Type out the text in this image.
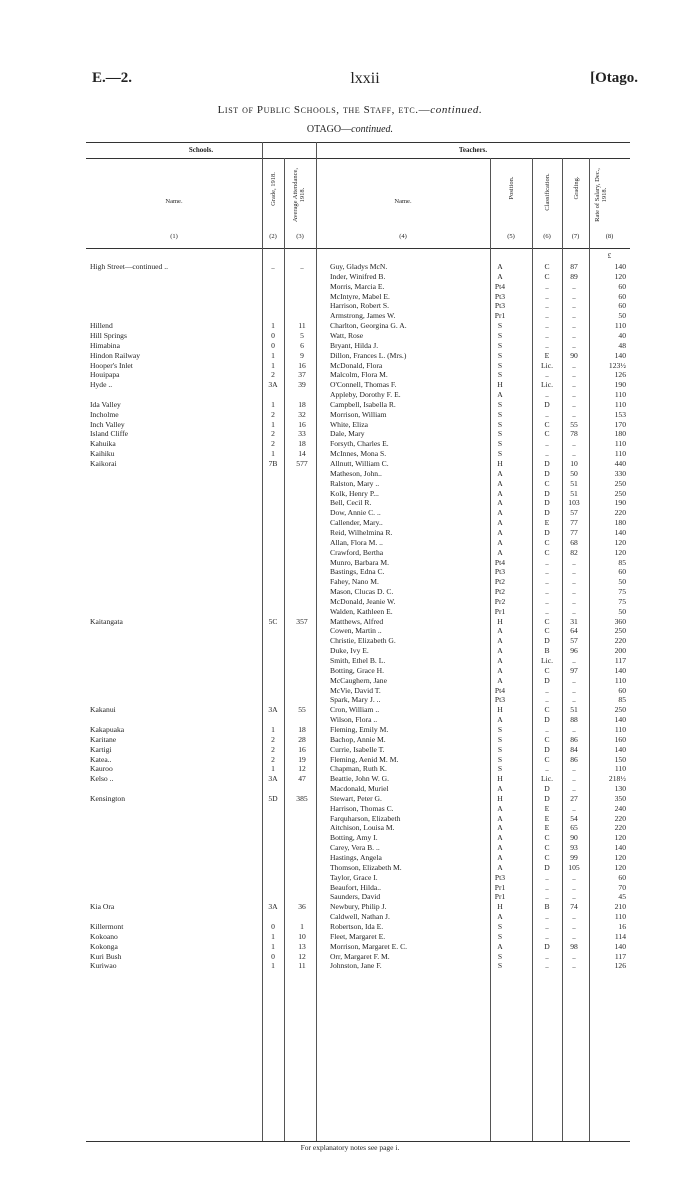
E.—2.	lxxii	[Otago.
List of Public Schools, the Staff, etc.—continued.
OTAGO—continued.
Schools.	Teachers.
Name.	Grade, 1918. Average Attendance, 1918.	Name.
Position.	Classification.	Grading. Rate of Salary, Dec., 1918.
(1)	(2)	(3)	(4)	(5)	(6)	(7)	(8)
£
High Street—continued ..	..	..	Guy, Gladys McN.	A	C	87	140
Inder, Winifred B.	A	C	89	120
Morris, Marcia E.	Pt4	..	..	60
McIntyre, Mabel E.	Pt3	..	..	60
Harrison, Robert S.	Pt3	..	..	60
Armstrong, James W.	Pr1	..	..	50
Hillend	1	11	Charlton, Georgina G. A.	S	..	..	110
Hill Springs	0	5	Watt, Rose	S	..	..	40
Himabina	0	6	Bryant, Hilda J.	S	..	..	48
Hindon Railway	1	9	Dillon, Frances L. (Mrs.)	S	E	90	140
Hooper's Inlet	1	16	McDonald, Flora	S	Lic.	..	123½
Houipapa	2	37	Malcolm, Flora M.	S	..	..	126
Hyde ..	3A	39	O'Connell, Thomas F.	H	Lic.	..	190
Appleby, Dorothy F. E.	A	..	..	110
Ida Valley	1	18	Campbell, Isabella R.	S	D	..	110
Incholme	2	32	Morrison, William	S	..	..	153
Inch Valley	1	16	White, Eliza	S	C	55	170
Island Cliffe	2	33	Dale, Mary	S	C	78	180
Kahuika	2	18	Forsyth, Charles E.	S	..	..	110
Kaihiku	1	14	McInnes, Mona S.	S	..	..	110
Kaikorai	7B	577	Allnutt, William C.	H	D	10	440
Matheson, John..	A	D	50	330
Ralston, Mary ..	A	C	51	250
Kolk, Henry P...	A	D	51	250
Bell, Cecil R.	A	D	103	190
Dow, Annie C. ..	A	D	57	220
Callender, Mary..	A	E	77	180
Reid, Wilhelmina R.	A	D	77	140
Allan, Flora M. ..	A	C	68	120
Crawford, Bertha	A	C	82	120
Munro, Barbara M.	Pt4	..	..	85
Bastings, Edna C.	Pt3	..	..	60
Fahey, Nano M.	Pt2	..	..	50
Mason, Clucas D. C.	Pt2	..	..	75
McDonald, Jeanie W.	Pr2	..	..	75
Walden, Kathleen E.	Pr1	..	..	50
Kaitangata	5C	357	Matthews, Alfred	H	C	31	360
Cowen, Martin ..	A	C	64	250
Christie, Elizabeth G.	A	D	57	220
Duke, Ivy E.	A	B	96	200
Smith, Ethel B. L.	A	Lic.	..	117
Botting, Grace H.	A	C	97	140
McCaughern, Jane	A	D	..	110
McVie, David T.	Pt4	..	..	60
Spark, Mary J. ..	Pt3	..	..	85
Kakanui	3A	55	Cron, William ..	H	C	51	250
Wilson, Flora ..	A	D	88	140
Kakapuaka	1	18	Fleming, Emily M.	S	..	..	110
Karitane	2	28	Bachop, Annie M.	S	C	86	160
Kartigi	2	16	Currie, Isabelle T.	S	D	84	140
Katea..	2	19	Fleming, Aenid M. M.	S	C	86	150
Kauroo	1	12	Chapman, Ruth K.	S	..	..	110
Kelso ..	3A	47	Beattie, John W. G.	H	Lic.	..	218½
Macdonald, Muriel	A	D	..	130
Kensington	5D	385	Stewart, Peter G.	H	D	27	350
Harrison, Thomas C.	A	E	..	240
Farquharson, Elizabeth	A	E	54	220
Aitchison, Louisa M.	A	E	65	220
Botting, Amy I.	A	C	90	120
Carey, Vera B. ..	A	C	93	140
Hastings, Angela	A	C	99	120
Thomson, Elizabeth M.	A	D	105	120
Taylor, Grace I.	Pt3	..	..	60
Beaufort, Hilda..	Pr1	..	..	70
Saunders, David	Pr1	..	..	45
Kia Ora	3A	36	Newbury, Philip J.	H	B	74	210
Caldwell, Nathan J.	A	..	..	110
Killermont	0	1	Robertson, Ida E.	S	..	..	16
Kokoano	1	10	Fleet, Margaret E.	S	..	..	114
Kokonga	1	13	Morrison, Margaret E. C.	A	D	98	140
Kuri Bush	0	12	Orr, Margaret F. M.	S	..	..	117
Kuriwao	1	11	Johnston, Jane F.	S	..	..	126
For explanatory notes see page i.
